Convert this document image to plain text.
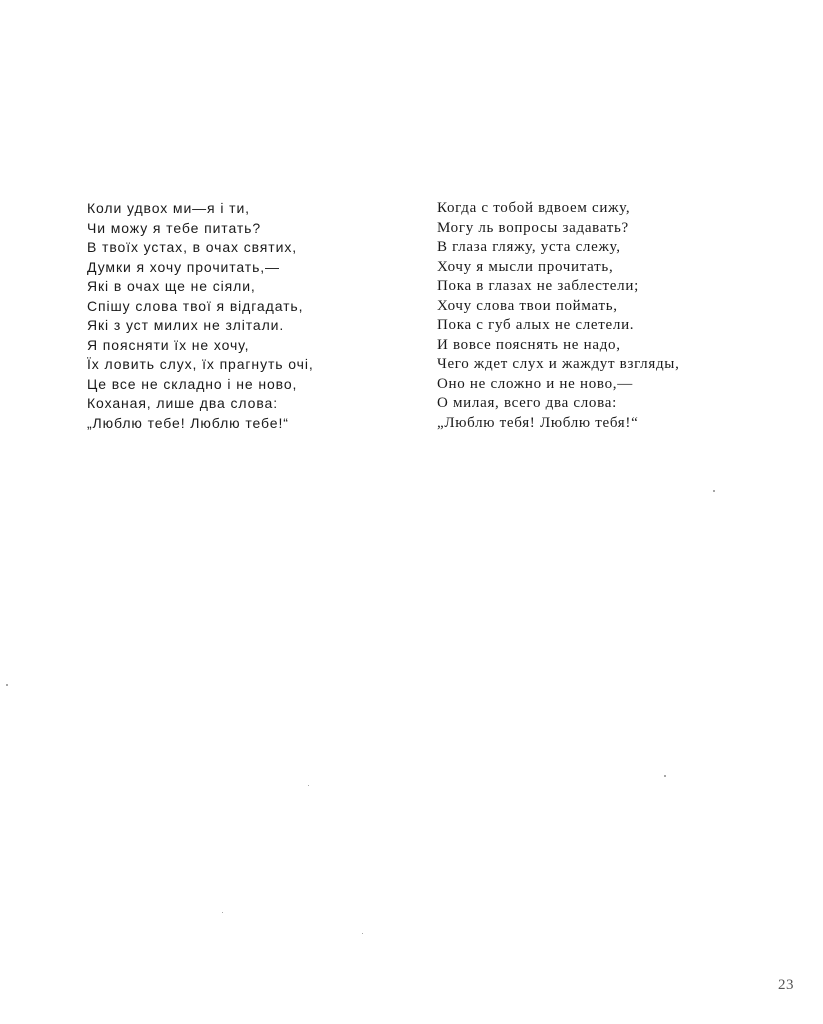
Коли удвох ми—я і ти,
Чи можу я тебе питать?
В твоїх устах, в очах святих,
Думки я хочу прочитать,—
Які в очах ще не сіяли,
Спішу слова твої я відгадать,
Які з уст милих не злітали.
Я поясняти їх не хочу,
Їх ловить слух, їх прагнуть очі,
Це все не складно і не ново,
Коханая, лише два слова:
„Люблю тебе! Люблю тебе!“
Когда с тобой вдвоем сижу,
Могу ль вопросы задавать?
В глаза гляжу, уста слежу,
Хочу я мысли прочитать,
Пока в глазах не заблестели;
Хочу слова твои поймать,
Пока с губ алых не слетели.
И вовсе пояснять не надо,
Чего ждет слух и жаждут взгляды,
Оно не сложно и не ново,—
О милая, всего два слова:
„Люблю тебя! Люблю тебя!“
23
